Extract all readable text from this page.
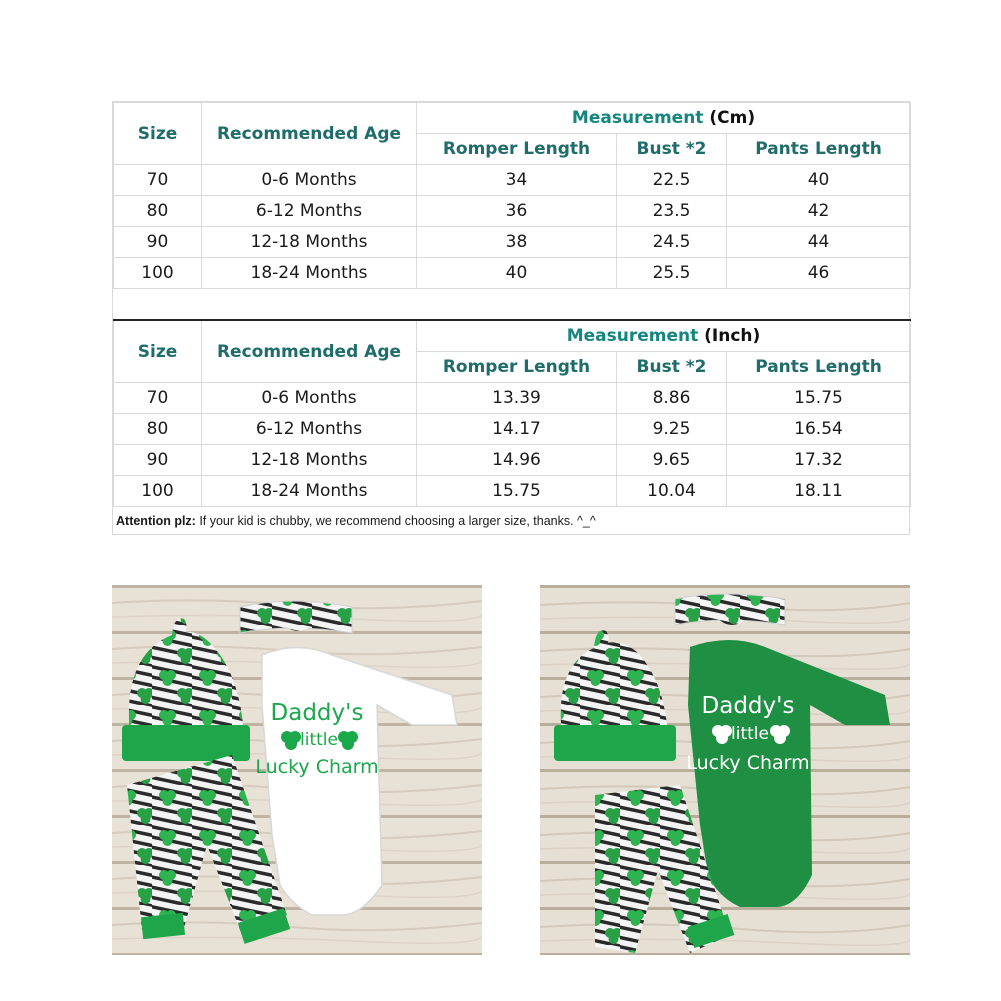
Size	Recommended Age	Measurement (Cm)		
		Romper Length	Bust *2	Pants Length
70	0-6 Months	34	22.5	40
80	6-12 Months	36	23.5	42
90	12-18 Months	38	24.5	44
100	18-24 Months	40	25.5	46
Size	Recommended Age	Measurement (Inch)		
		Romper Length	Bust *2	Pants Length
70	0-6 Months	13.39	8.86	15.75
80	6-12 Months	14.17	9.25	16.54
90	12-18 Months	14.96	9.65	17.32
100	18-24 Months	15.75	10.04	18.11
Attention plz: If your kid is chubby, we recommend choosing a larger size, thanks. ^_^
Daddy's
little
Lucky Charm
Daddy's
little
Lucky Charm
